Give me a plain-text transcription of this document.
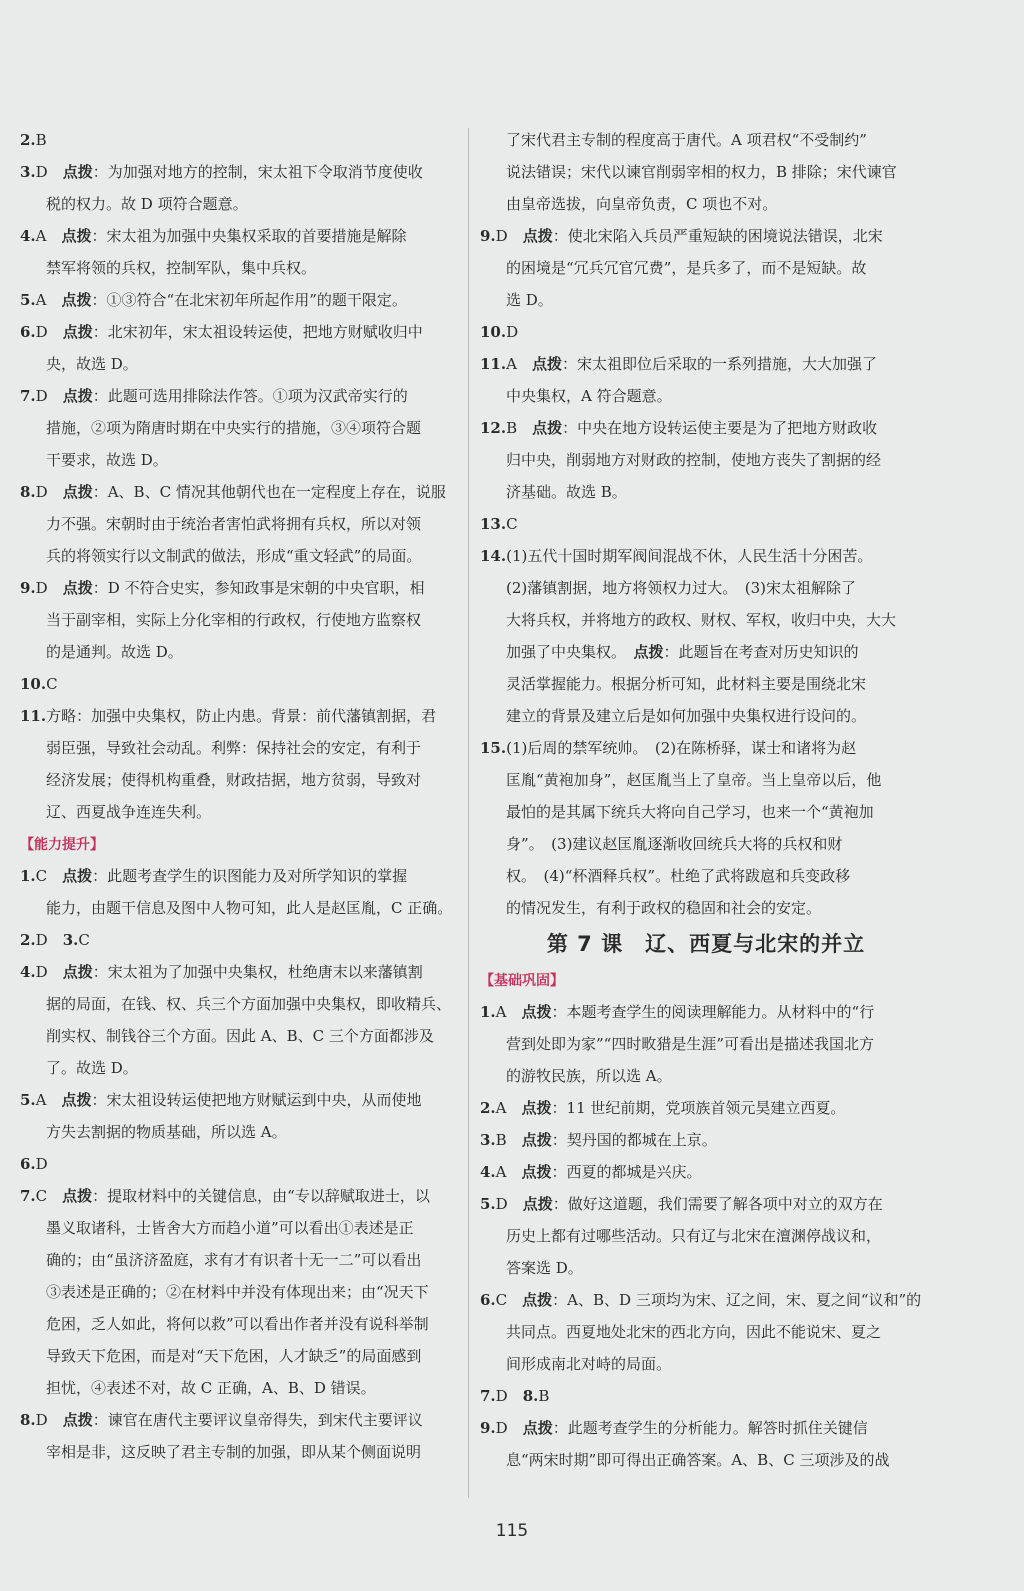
2.B
3.D　点拨：为加强对地方的控制，宋太祖下令取消节度使收
税的权力。故 D 项符合题意。
4.A　点拨：宋太祖为加强中央集权采取的首要措施是解除
禁军将领的兵权，控制军队，集中兵权。
5.A　点拨：①③符合“在北宋初年所起作用”的题干限定。
6.D　点拨：北宋初年，宋太祖设转运使，把地方财赋收归中
央，故选 D。
7.D　点拨：此题可选用排除法作答。①项为汉武帝实行的
措施，②项为隋唐时期在中央实行的措施，③④项符合题
干要求，故选 D。
8.D　点拨：A、B、C 情况其他朝代也在一定程度上存在，说服
力不强。宋朝时由于统治者害怕武将拥有兵权，所以对领
兵的将领实行以文制武的做法，形成“重文轻武”的局面。
9.D　点拨：D 不符合史实，参知政事是宋朝的中央官职，相
当于副宰相，实际上分化宰相的行政权，行使地方监察权
的是通判。故选 D。
10.C
11.方略：加强中央集权，防止内患。背景：前代藩镇割据，君
弱臣强，导致社会动乱。利弊：保持社会的安定，有利于
经济发展；使得机构重叠，财政拮据，地方贫弱，导致对
辽、西夏战争连连失利。
【能力提升】
1.C　点拨：此题考查学生的识图能力及对所学知识的掌握
能力，由题干信息及图中人物可知，此人是赵匡胤，C 正确。
2.D　3.C
4.D　点拨：宋太祖为了加强中央集权，杜绝唐末以来藩镇割
据的局面，在钱、权、兵三个方面加强中央集权，即收精兵、
削实权、制钱谷三个方面。因此 A、B、C 三个方面都涉及
了。故选 D。
5.A　点拨：宋太祖设转运使把地方财赋运到中央，从而使地
方失去割据的物质基础，所以选 A。
6.D
7.C　点拨：提取材料中的关键信息，由“专以辞赋取进士，以
墨义取诸科，士皆舍大方而趋小道”可以看出①表述是正
确的；由“虽济济盈庭，求有才有识者十无一二”可以看出
③表述是正确的；②在材料中并没有体现出来；由“况天下
危困，乏人如此，将何以救”可以看出作者并没有说科举制
导致天下危困，而是对“天下危困，人才缺乏”的局面感到
担忧，④表述不对，故 C 正确，A、B、D 错误。
8.D　点拨：谏官在唐代主要评议皇帝得失，到宋代主要评议
宰相是非，这反映了君主专制的加强，即从某个侧面说明
了宋代君主专制的程度高于唐代。A 项君权“不受制约”
说法错误；宋代以谏官削弱宰相的权力，B 排除；宋代谏官
由皇帝选拔，向皇帝负责，C 项也不对。
9.D　点拨：使北宋陷入兵员严重短缺的困境说法错误，北宋
的困境是“冗兵冗官冗费”，是兵多了，而不是短缺。故
选 D。
10.D
11.A　点拨：宋太祖即位后采取的一系列措施，大大加强了
中央集权，A 符合题意。
12.B　点拨：中央在地方设转运使主要是为了把地方财政收
归中央，削弱地方对财政的控制，使地方丧失了割据的经
济基础。故选 B。
13.C
14.(1)五代十国时期军阀间混战不休，人民生活十分困苦。
(2)藩镇割据，地方将领权力过大。　(3)宋太祖解除了
大将兵权，并将地方的政权、财权、军权，收归中央，大大
加强了中央集权。　点拨：此题旨在考查对历史知识的
灵活掌握能力。根据分析可知，此材料主要是围绕北宋
建立的背景及建立后是如何加强中央集权进行设问的。
15.(1)后周的禁军统帅。　(2)在陈桥驿，谋士和诸将为赵
匡胤“黄袍加身”，赵匡胤当上了皇帝。当上皇帝以后，他
最怕的是其属下统兵大将向自己学习，也来一个“黄袍加
身”。　(3)建议赵匡胤逐渐收回统兵大将的兵权和财
权。　(4)“杯酒释兵权”。杜绝了武将跋扈和兵变政移
的情况发生，有利于政权的稳固和社会的安定。
第 7 课　辽、西夏与北宋的并立
【基础巩固】
1.A　点拨：本题考查学生的阅读理解能力。从材料中的“行
营到处即为家”“四时畋猎是生涯”可看出是描述我国北方
的游牧民族，所以选 A。
2.A　点拨：11 世纪前期，党项族首领元昊建立西夏。
3.B　点拨：契丹国的都城在上京。
4.A　点拨：西夏的都城是兴庆。
5.D　点拨：做好这道题，我们需要了解各项中对立的双方在
历史上都有过哪些活动。只有辽与北宋在澶渊停战议和，
答案选 D。
6.C　点拨：A、B、D 三项均为宋、辽之间，宋、夏之间“议和”的
共同点。西夏地处北宋的西北方向，因此不能说宋、夏之
间形成南北对峙的局面。
7.D　8.B
9.D　点拨：此题考查学生的分析能力。解答时抓住关键信
息“两宋时期”即可得出正确答案。A、B、C 三项涉及的战
115
